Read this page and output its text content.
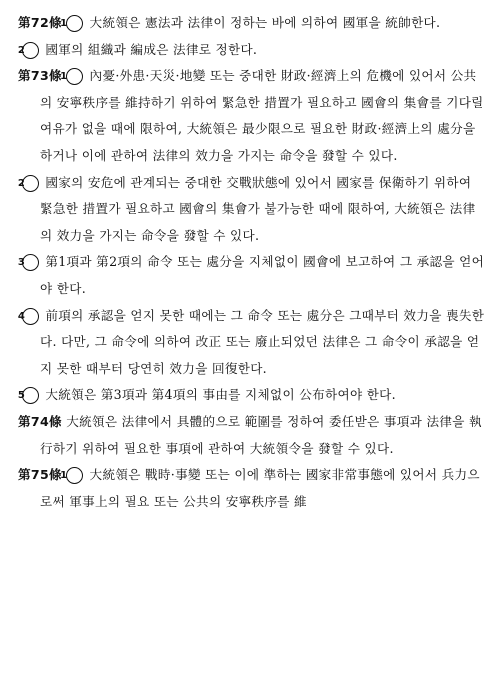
第72條 1 大統領은 憲法과 法律이 정하는 바에 의하여 國軍을 統帥한다.

2 國軍의 組織과 編成은 法律로 정한다.

第73條 1 內憂·外患·天災·地變 또는 중대한 財政·經濟上의 危機에 있어서 公共의 安寧秩序를 維持하기 위하여 緊急한 措置가 필요하고 國會의 集會를 기다릴 여유가 없을 때에 限하여, 大統領은 最少限으로 필요한 財政·經濟上의 處分을 하거나 이에 관하여 法律의 效力을 가지는 命令을 發할 수 있다.

2 國家의 安危에 관계되는 중대한 交戰狀態에 있어서 國家를 保衛하기 위하여 緊急한 措置가 필요하고 國會의 集會가 불가능한 때에 限하여, 大統領은 法律의 效力을 가지는 命令을 發할 수 있다.

3 第1項과 第2項의 命令 또는 處分을 지체없이 國會에 보고하여 그 承認을 얻어야 한다.

4 前項의 承認을 얻지 못한 때에는 그 命令 또는 處分은 그때부터 效力을 喪失한다. 다만, 그 命令에 의하여 改正 또는 廢止되었던 法律은 그 命令이 承認을 얻지 못한 때부터 당연히 效力을 回復한다.

5 大統領은 第3項과 第4項의 事由를 지체없이 公布하여야 한다.

第74條 大統領은 法律에서 具體的으로 範圍를 정하여 委任받은 事項과 法律을 執行하기 위하여 필요한 事項에 관하여 大統領令을 發할 수 있다.

第75條 1 大統領은 戰時·事變 또는 이에 準하는 國家非常事態에 있어서 兵力으로써 軍事上의 필요 또는 公共의 安寧秩序를 維
